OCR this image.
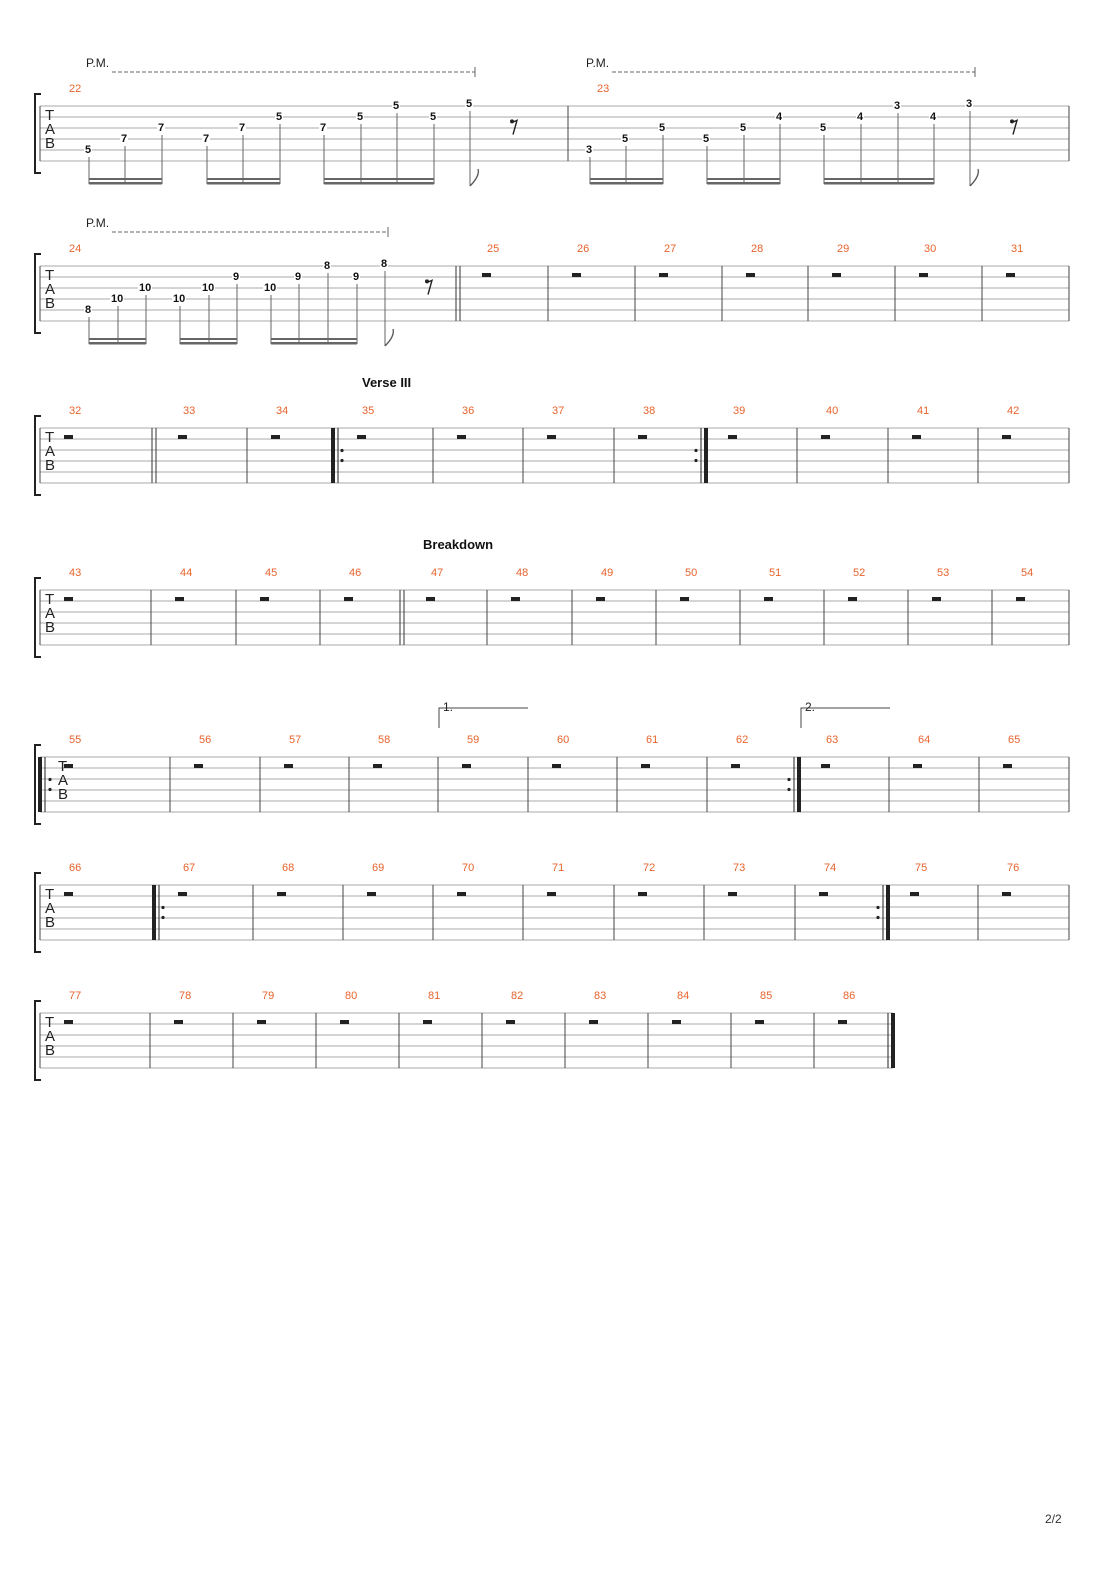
T
A
B
22
5
7
7
7
7
5
7
5
5
5
5
P.M.
23
3
5
5
5
5
4
5
4
3
4
3
P.M.
T
A
B
24
8
10
10
10
10
9
10
9
8
9
8
P.M.
25	26	27	28	29	30	31
T
A
B
32	33	34	35	36	37	38	39	40	41	42
Verse III
T
A
B
43	44	45	46	47	48	49	50	51	52	53	54
Breakdown
T
A
B
55	56	57	58	59	60	61	62	63	64	65
1.	2.
T
A
B
66	67	68	69	70	71	72	73	74	75	76
T
A
B
77	78	79	80	81	82	83	84	85	86
2/2
